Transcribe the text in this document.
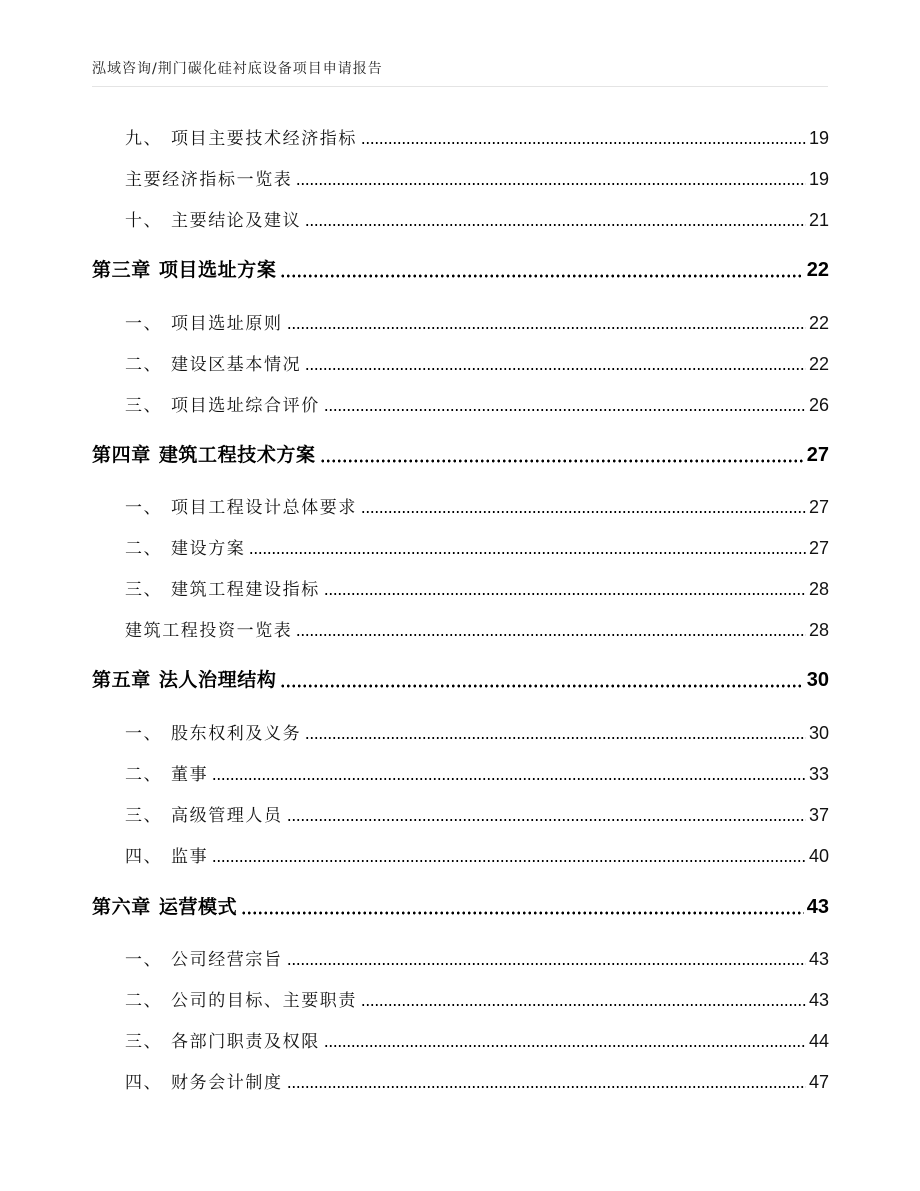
泓域咨询/荆门碳化硅衬底设备项目申请报告
九、 项目主要技术经济指标	19
主要经济指标一览表	19
十、 主要结论及建议	21
第三章 项目选址方案	22
一、 项目选址原则	22
二、 建设区基本情况	22
三、 项目选址综合评价	26
第四章 建筑工程技术方案	27
一、 项目工程设计总体要求	27
二、 建设方案	27
三、 建筑工程建设指标	28
建筑工程投资一览表	28
第五章 法人治理结构	30
一、 股东权利及义务	30
二、 董事	33
三、 高级管理人员	37
四、 监事	40
第六章 运营模式	43
一、 公司经营宗旨	43
二、 公司的目标、主要职责	43
三、 各部门职责及权限	44
四、 财务会计制度	47
